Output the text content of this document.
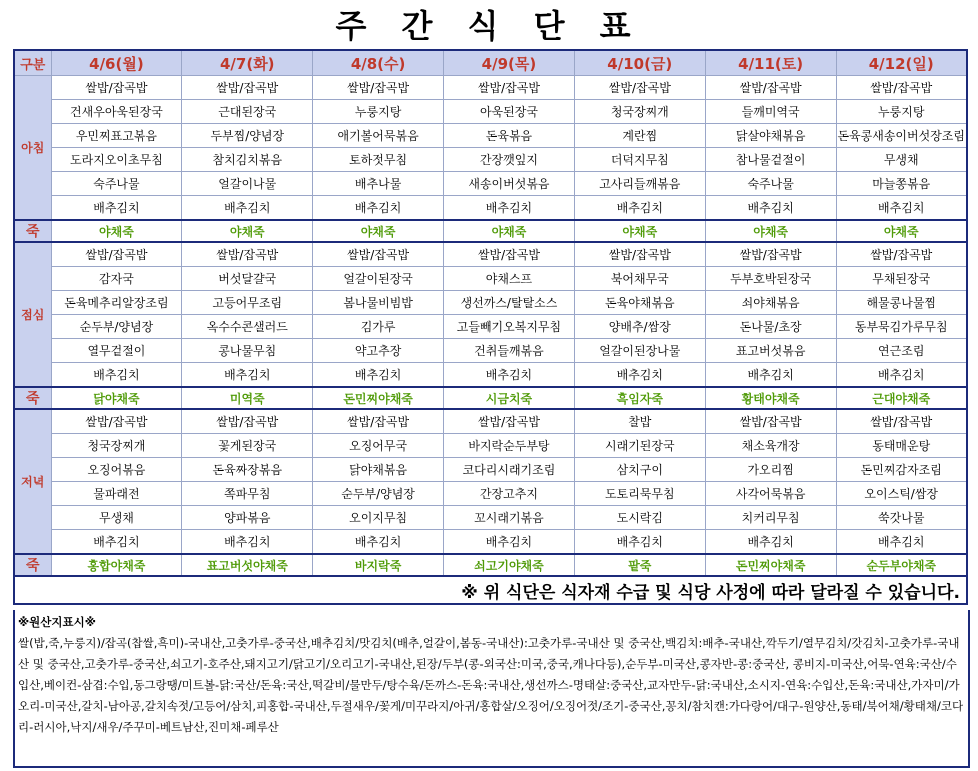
주 간 식 단 표
구분	4/6(월)	4/7(화)	4/8(수)	4/9(목)	4/10(금)	4/11(토)	4/12(일)
아침	쌀밥/잡곡밥	쌀밥/잡곡밥	쌀밥/잡곡밥	쌀밥/잡곡밥	쌀밥/잡곡밥	쌀밥/잡곡밥	쌀밥/잡곡밥
	건새우아욱된장국	근대된장국	누룽지탕	아욱된장국	청국장찌개	들깨미역국	누룽지탕
	우민찌표고볶음	두부찜/양념장	애기볼어묵볶음	돈육볶음	계란찜	닭살야채볶음	돈육콩새송이버섯장조림
	도라지오이초무침	참치김치볶음	토하젓무침	간장깻잎지	더덕지무침	참나물겉절이	무생채
	숙주나물	얼갈이나물	배추나물	새송이버섯볶음	고사리들깨볶음	숙주나물	마늘쫑볶음
	배추김치	배추김치	배추김치	배추김치	배추김치	배추김치	배추김치
죽	야채죽	야채죽	야채죽	야채죽	야채죽	야채죽	야채죽
점심	쌀밥/잡곡밥	쌀밥/잡곡밥	쌀밥/잡곡밥	쌀밥/잡곡밥	쌀밥/잡곡밥	쌀밥/잡곡밥	쌀밥/잡곡밥
	감자국	버섯달걀국	얼갈이된장국	야채스프	북어채무국	두부호박된장국	무채된장국
	돈육메추리알장조림	고등어무조림	봄나물비빔밥	생선까스/탈탈소스	돈육야채볶음	쇠야채볶음	해물콩나물찜
	순두부/양념장	옥수수콘샐러드	김가루	고들빼기오복지무침	양배추/쌈장	돈나물/초장	동부묵김가루무침
	열무겉절이	콩나물무침	약고추장	건취들깨볶음	얼갈이된장나물	표고버섯볶음	연근조림
	배추김치	배추김치	배추김치	배추김치	배추김치	배추김치	배추김치
죽	닭야채죽	미역죽	돈민찌야채죽	시금치죽	흑임자죽	황태야채죽	근대야채죽
저녁	쌀밥/잡곡밥	쌀밥/잡곡밥	쌀밥/잡곡밥	쌀밥/잡곡밥	찰밥	쌀밥/잡곡밥	쌀밥/잡곡밥
	청국장찌개	꽃게된장국	오징어무국	바지락순두부탕	시래기된장국	채소육개장	동태매운탕
	오징어볶음	돈육짜장볶음	닭야채볶음	코다리시래기조림	삼치구이	가오리찜	돈민찌감자조림
	물파래전	쪽파무침	순두부/양념장	간장고추지	도토리묵무침	사각어묵볶음	오이스틱/쌈장
	무생채	양파볶음	오이지무침	꼬시래기볶음	도시락김	치커리무침	쑥갓나물
	배추김치	배추김치	배추김치	배추김치	배추김치	배추김치	배추김치
죽	홍합야채죽	표고버섯야채죽	바지락죽	쇠고기야채죽	팥죽	돈민찌야채죽	순두부야채죽
※ 위 식단은 식자재 수급 및 식당 사정에 따라 달라질 수 있습니다.							
※원산지표시※
쌀(밥,죽,누룽지)/잡곡(찹쌀,흑미)-국내산,고춧가루-중국산,배추김치/맛김치(배추,얼갈이,봄동-국내산):고춧가루-국내산 및 중국산,백김치:배추-국내산,깍두기/열무김치/갓김치-고춧가루-국내산 및 중국산,고춧가루-중국산,쇠고기-호주산,돼지고기/닭고기/오리고기-국내산,된장/두부(콩-외국산:미국,중국,캐나다등),순두부-미국산,콩자반-콩:중국산, 콩비지-미국산,어묵-연육:국산/수입산,베이컨-삼겹:수입,동그랑땡/미트볼-닭:국산/돈육:국산,떡갈비/물만두/탕수육/돈까스-돈육:국내산,생선까스-명태살:중국산,교자만두-닭:국내산,소시지-연육:수입산,돈육:국내산,가자미/가오리-미국산,갈치-남아공,갈치속젓/고등어/삼치,피홍합-국내산,두절새우/꽃게/미꾸라지/아귀/홍합살/오징어/오징어젓/조기-중국산,꽁치/참치캔:가다랑어/대구-원양산,동태/북어채/황태채/코다리-러시아,낙지/새우/주꾸미-베트남산,진미채-페루산
